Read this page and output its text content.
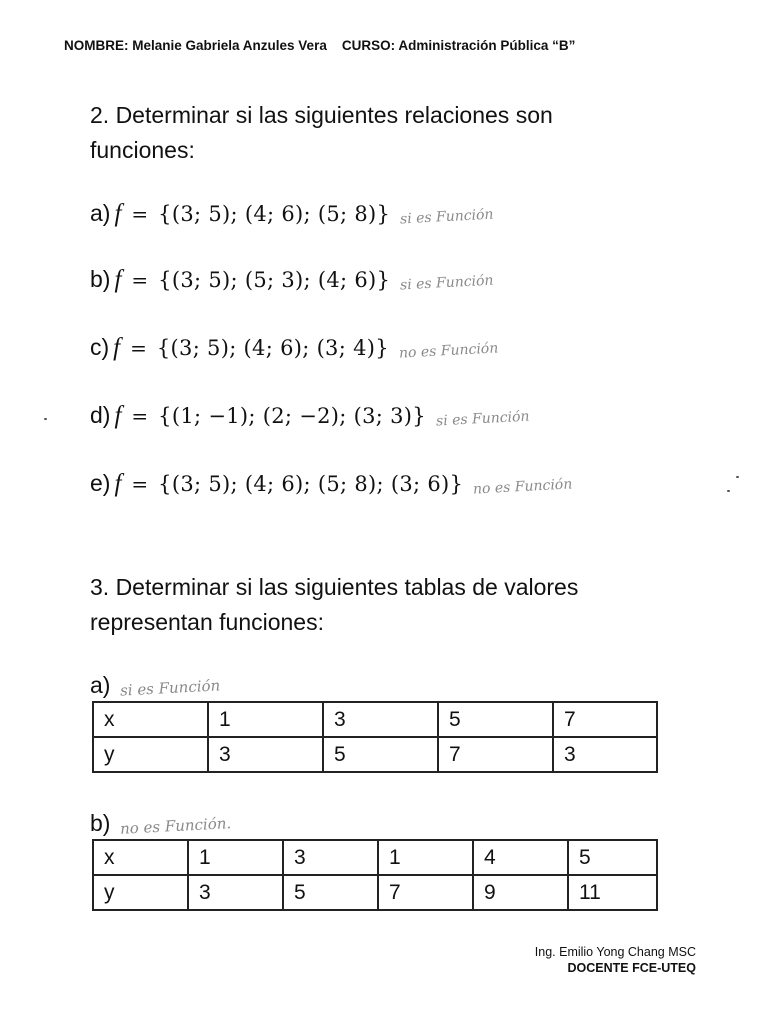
NOMBRE: Melanie Gabriela Anzules Vera    CURSO: Administración Pública “B”
2. Determinar si las siguientes relaciones son
funciones:
a) f = {(3; 5); (4; 6); (5; 8)} si es Función
b) f = {(3; 5); (5; 3); (4; 6)} si es Función
c) f = {(3; 5); (4; 6); (3; 4)} no es Función
d) f = {(1; −1); (2; −2); (3; 3)} si es Función
e) f = {(3; 5); (4; 6); (5; 8); (3; 6)} no es Función
3. Determinar si las siguientes tablas de valores
representan funciones:
a) si es Función
x	1	3	5	7
y	3	5	7	3
b) no es Función.
x	1	3	1	4	5
y	3	5	7	9	11
Ing. Emilio Yong Chang MSC
DOCENTE FCE-UTEQ
